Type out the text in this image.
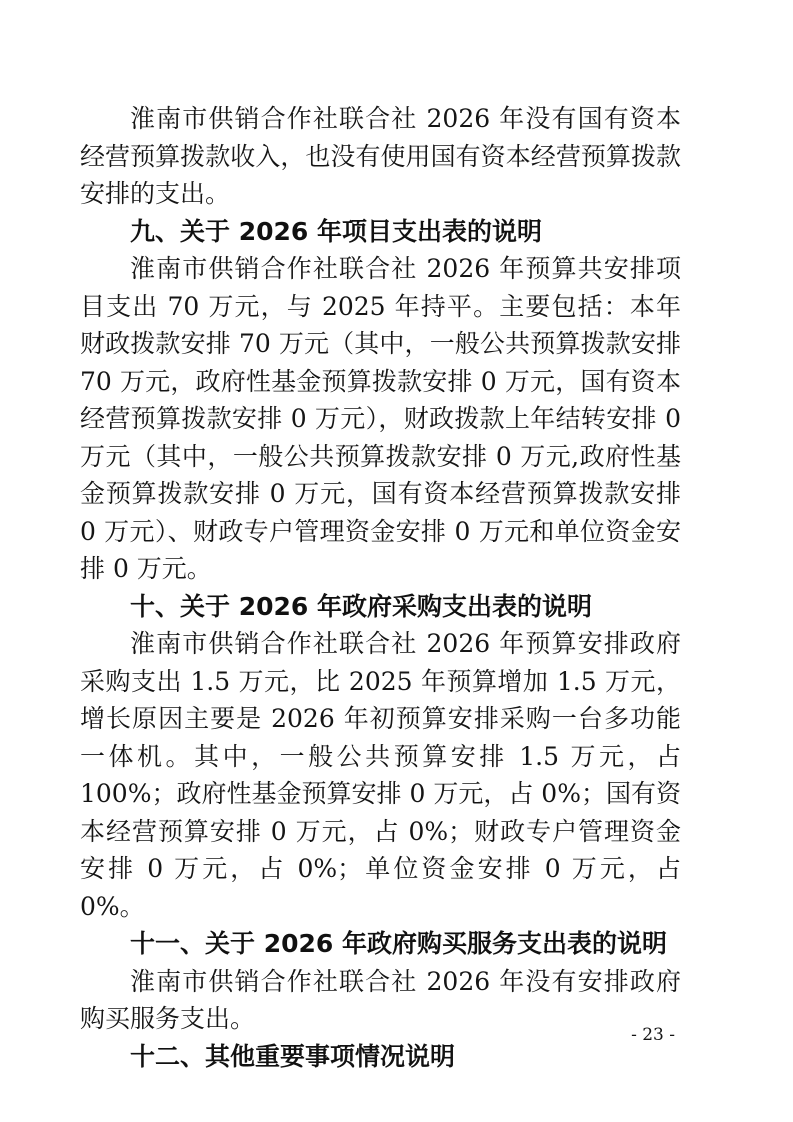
淮南市供销合作社联合社 2026 年没有国有资本经营预算拨款收入，也没有使用国有资本经营预算拨款安排的支出。

九、关于 2026 年项目支出表的说明

淮南市供销合作社联合社 2026 年预算共安排项目支出 70 万元，与 2025 年持平。主要包括：本年财政拨款安排 70 万元（其中，一般公共预算拨款安排 70 万元，政府性基金预算拨款安排 0 万元，国有资本经营预算拨款安排 0 万元），财政拨款上年结转安排 0 万元（其中，一般公共预算拨款安排 0 万元,政府性基金预算拨款安排 0 万元，国有资本经营预算拨款安排 0 万元）、财政专户管理资金安排 0 万元和单位资金安排 0 万元。

十、关于 2026 年政府采购支出表的说明

淮南市供销合作社联合社 2026 年预算安排政府采购支出 1.5 万元，比 2025 年预算增加 1.5 万元，增长原因主要是 2026 年初预算安排采购一台多功能一体机。其中，一般公共预算安排 1.5 万元，占 100%；政府性基金预算安排 0 万元，占 0%；国有资本经营预算安排 0 万元，占 0%；财政专户管理资金安排 0 万元，占 0%；单位资金安排 0 万元，占 0%。

十一、关于 2026 年政府购买服务支出表的说明

淮南市供销合作社联合社 2026 年没有安排政府购买服务支出。

十二、其他重要事项情况说明

- 23 -
